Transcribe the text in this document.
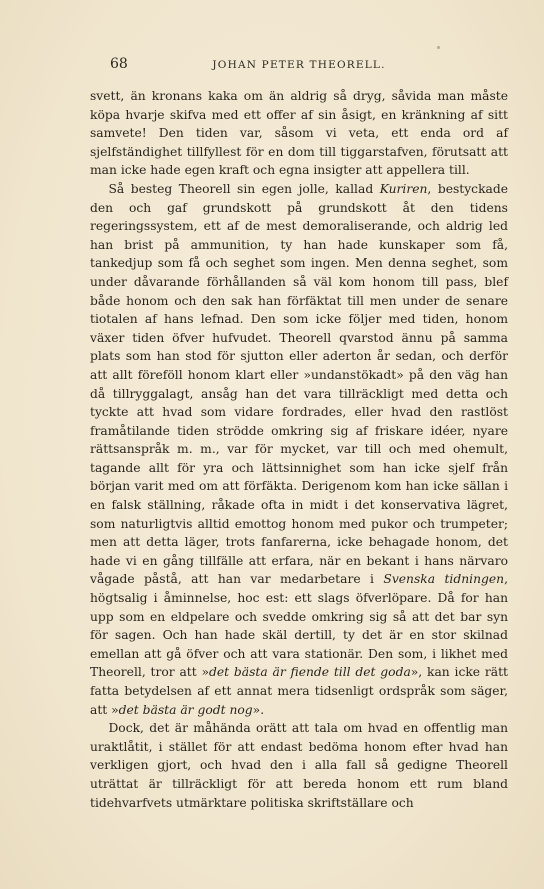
68	JOHAN PETER THEORELL.

svett, än kronans kaka om än aldrig så dryg, såvida man måste köpa hvarje skifva med ett offer af sin åsigt, en kränkning af sitt samvete! Den tiden var, såsom vi veta, ett enda ord af sjelfständighet tillfyllest för en dom till tiggarstafven, förutsatt att man icke hade egen kraft och egna insigter att appellera till.

Så besteg Theorell sin egen jolle, kallad Kuriren, bestyckade den och gaf grundskott på grundskott åt den tidens regeringssystem, ett af de mest demoraliserande, och aldrig led han brist på ammunition, ty han hade kunskaper som få, tankedjup som få och seghet som ingen. Men denna seghet, som under dåvarande förhållanden så väl kom honom till pass, blef både honom och den sak han förfäktat till men under de senare tiotalen af hans lefnad. Den som icke följer med tiden, honom växer tiden öfver hufvudet. Theorell qvarstod ännu på samma plats som han stod för sjutton eller aderton år sedan, och derför att allt föreföll honom klart eller »undanstökadt» på den väg han då tillryggalagt, ansåg han det vara tillräckligt med detta och tyckte att hvad som vidare fordrades, eller hvad den rastlöst framåtilande tiden strödde omkring sig af friskare idéer, nyare rättsanspråk m. m., var för mycket, var till och med ohemult, tagande allt för yra och lättsinnighet som han icke sjelf från början varit med om att förfäkta. Derigenom kom han icke sällan i en falsk ställning, råkade ofta in midt i det konservativa lägret, som naturligtvis alltid emottog honom med pukor och trumpeter; men att detta läger, trots fanfarerna, icke behagade honom, det hade vi en gång tillfälle att erfara, när en bekant i hans närvaro vågade påstå, att han var medarbetare i Svenska tidningen, högtsalig i åminnelse, hoc est: ett slags öfverlöpare. Då for han upp som en eldpelare och svedde omkring sig så att det bar syn för sagen. Och han hade skäl dertill, ty det är en stor skilnad emellan att gå öfver och att vara stationär. Den som, i likhet med Theorell, tror att »det bästa är fiende till det goda», kan icke rätt fatta betydelsen af ett annat mera tidsenligt ordspråk som säger, att »det bästa är godt nog».

Dock, det är måhända orätt att tala om hvad en offentlig man uraktlåtit, i stället för att endast bedöma honom efter hvad han verkligen gjort, och hvad den i alla fall så gedigne Theorell uträttat är tillräckligt för att bereda honom ett rum bland tidehvarfvets utmärktare politiska skriftställare och
